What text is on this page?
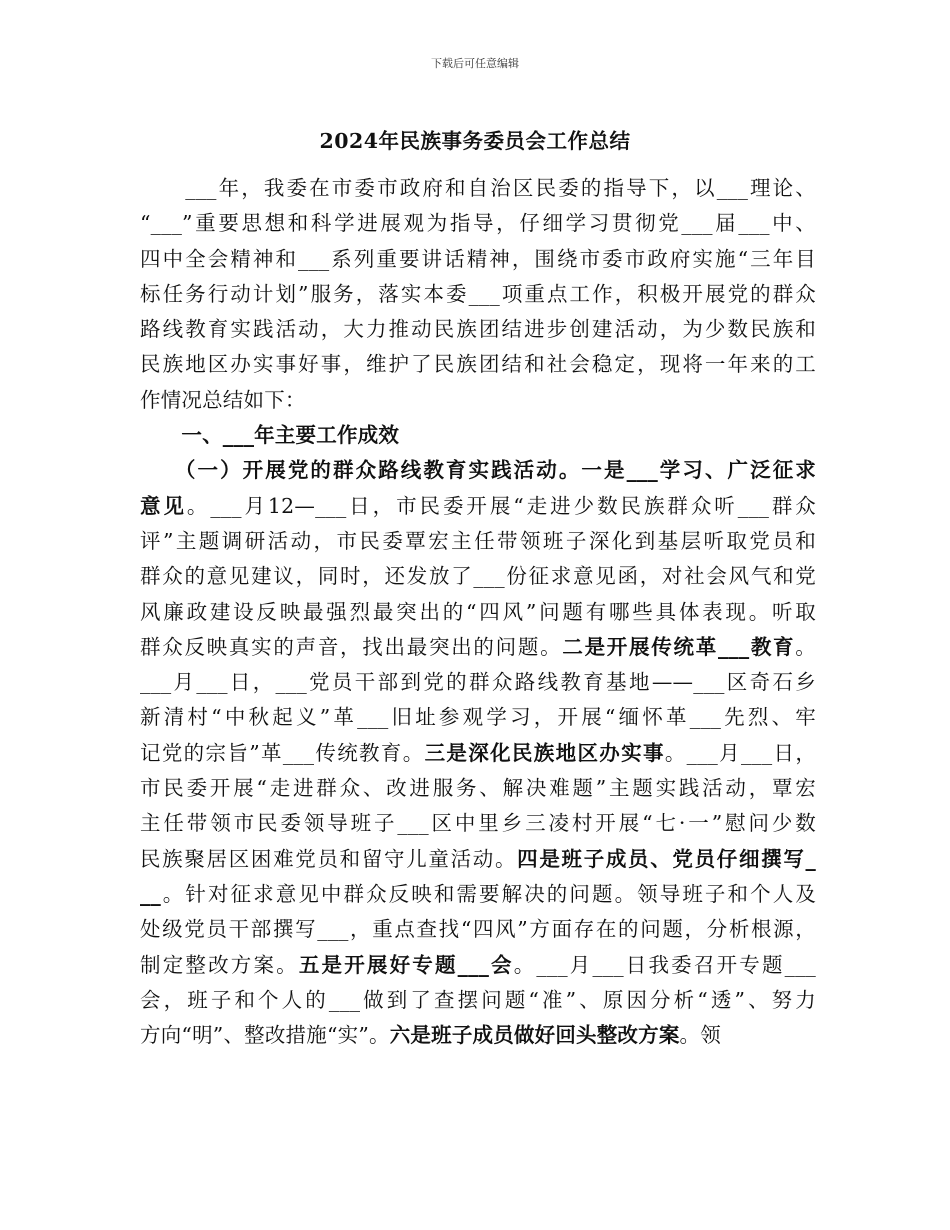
下载后可任意编辑
2024年民族事务委员会工作总结
　　___年，我委在市委市政府和自治区民委的指导下，以___理论、
“___”重要思想和科学进展观为指导，仔细学习贯彻党___届___中、
四中全会精神和___系列重要讲话精神，围绕市委市政府实施“三年目
标任务行动计划”服务，落实本委___项重点工作，积极开展党的群众
路线教育实践活动，大力推动民族团结进步创建活动，为少数民族和
民族地区办实事好事，维护了民族团结和社会稳定，现将一年来的工
作情况总结如下：
　　一、___年主要工作成效
　　（一）开展党的群众路线教育实践活动。一是___学习、广泛征求
意见。___月12—___日，市民委开展“走进少数民族群众听___群众
评”主题调研活动，市民委覃宏主任带领班子深化到基层听取党员和
群众的意见建议，同时，还发放了___份征求意见函，对社会风气和党
风廉政建设反映最强烈最突出的“四风”问题有哪些具体表现。听取
群众反映真实的声音，找出最突出的问题。二是开展传统革___教育。
___月___日，___党员干部到党的群众路线教育基地——___区奇石乡
新清村“中秋起义”革___旧址参观学习，开展“缅怀革___先烈、牢
记党的宗旨”革___传统教育。三是深化民族地区办实事。___月___日，
市民委开展“走进群众、改进服务、解决难题”主题实践活动，覃宏
主任带领市民委领导班子___区中里乡三凌村开展“七·一”慰问少数
民族聚居区困难党员和留守儿童活动。四是班子成员、党员仔细撰写_
__。针对征求意见中群众反映和需要解决的问题。领导班子和个人及
处级党员干部撰写___，重点查找“四风”方面存在的问题，分析根源，
制定整改方案。五是开展好专题___会。___月___日我委召开专题___
会，班子和个人的___做到了查摆问题“准”、原因分析“透”、努力
方向“明”、整改措施“实”。六是班子成员做好回头整改方案。领
